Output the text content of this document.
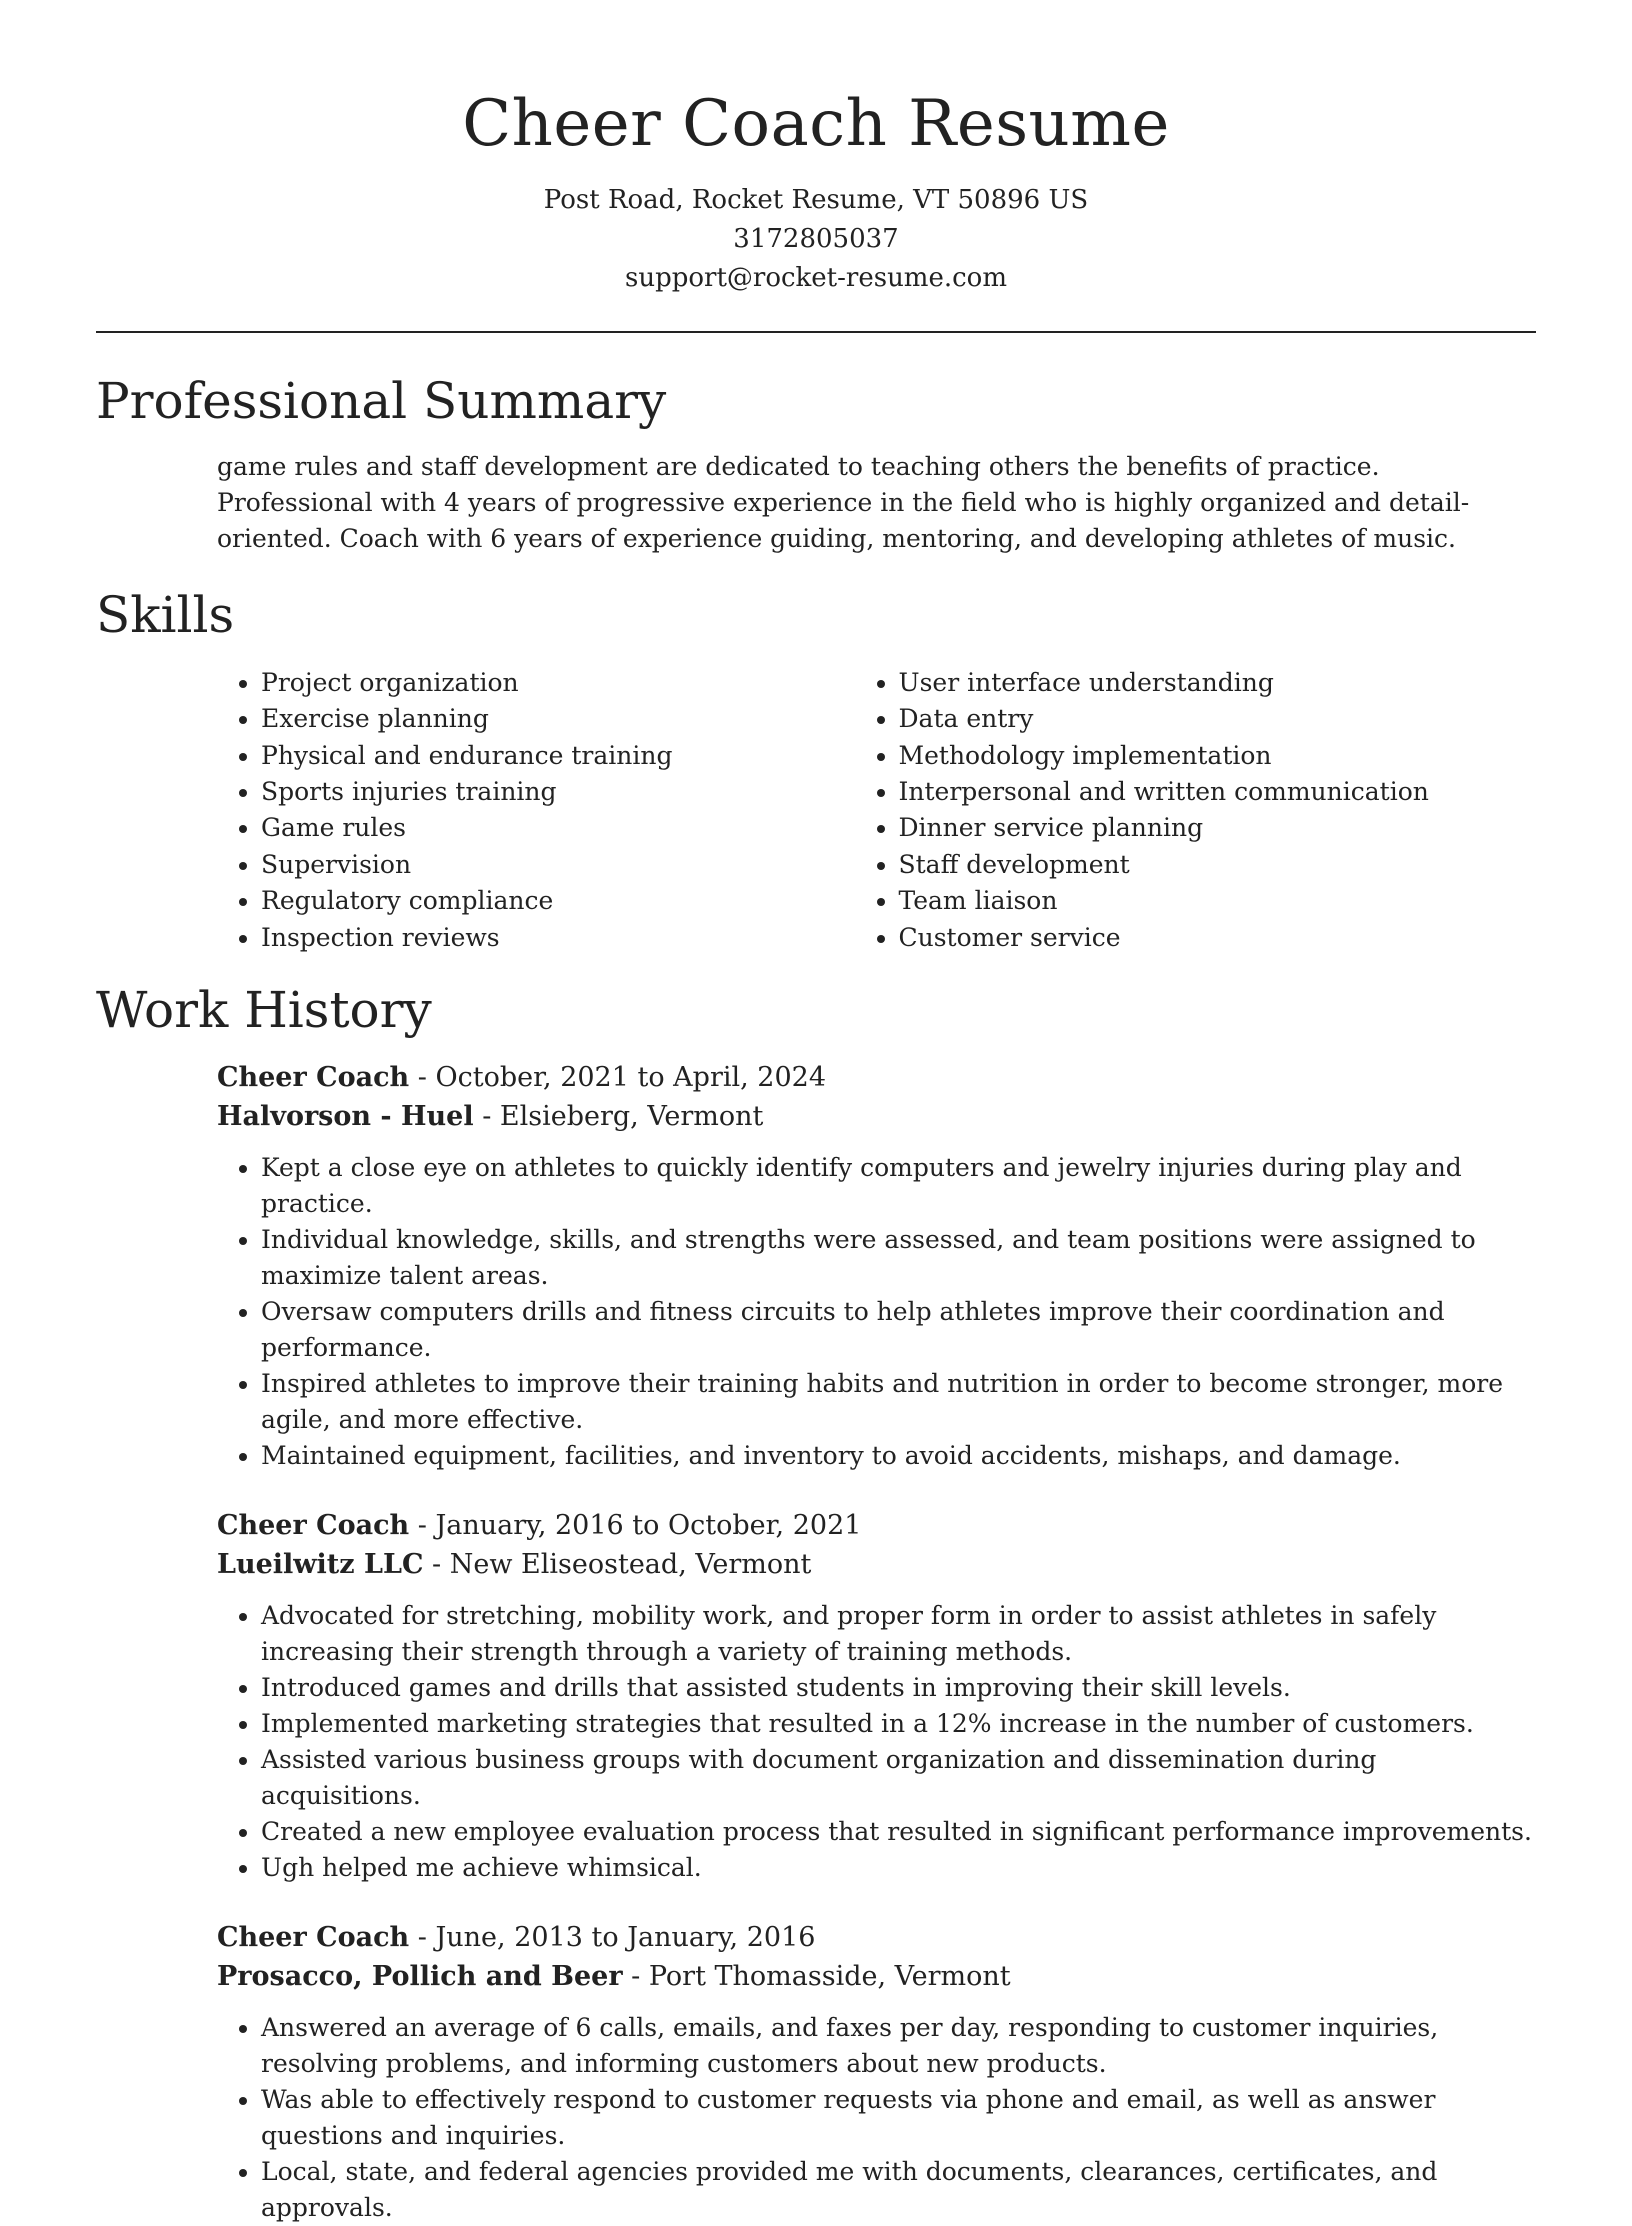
Cheer Coach Resume
Post Road, Rocket Resume, VT 50896 US
3172805037
support@rocket-resume.com
Professional Summary

game rules and staff development are dedicated to teaching others the benefits of practice. Professional with 4 years of progressive experience in the field who is highly organized and detail-oriented. Coach with 6 years of experience guiding, mentoring, and developing athletes of music.

Skills
• Project organization
• Exercise planning
• Physical and endurance training
• Sports injuries training
• Game rules
• Supervision
• Regulatory compliance
• Inspection reviews
• User interface understanding
• Data entry
• Methodology implementation
• Interpersonal and written communication
• Dinner service planning
• Staff development
• Team liaison
• Customer service
Work History
Cheer Coach - October, 2021 to April, 2024
Halvorson - Huel - Elsieberg, Vermont
• Kept a close eye on athletes to quickly identify computers and jewelry injuries during play and practice.
• Individual knowledge, skills, and strengths were assessed, and team positions were assigned to maximize talent areas.
• Oversaw computers drills and fitness circuits to help athletes improve their coordination and performance.
• Inspired athletes to improve their training habits and nutrition in order to become stronger, more agile, and more effective.
• Maintained equipment, facilities, and inventory to avoid accidents, mishaps, and damage.
Cheer Coach - January, 2016 to October, 2021
Lueilwitz LLC - New Eliseostead, Vermont
• Advocated for stretching, mobility work, and proper form in order to assist athletes in safely increasing their strength through a variety of training methods.
• Introduced games and drills that assisted students in improving their skill levels.
• Implemented marketing strategies that resulted in a 12% increase in the number of customers.
• Assisted various business groups with document organization and dissemination during acquisitions.
• Created a new employee evaluation process that resulted in significant performance improvements.
• Ugh helped me achieve whimsical.
Cheer Coach - June, 2013 to January, 2016
Prosacco, Pollich and Beer - Port Thomasside, Vermont
• Answered an average of 6 calls, emails, and faxes per day, responding to customer inquiries, resolving problems, and informing customers about new products.
• Was able to effectively respond to customer requests via phone and email, as well as answer questions and inquiries.
• Local, state, and federal agencies provided me with documents, clearances, certificates, and approvals.
